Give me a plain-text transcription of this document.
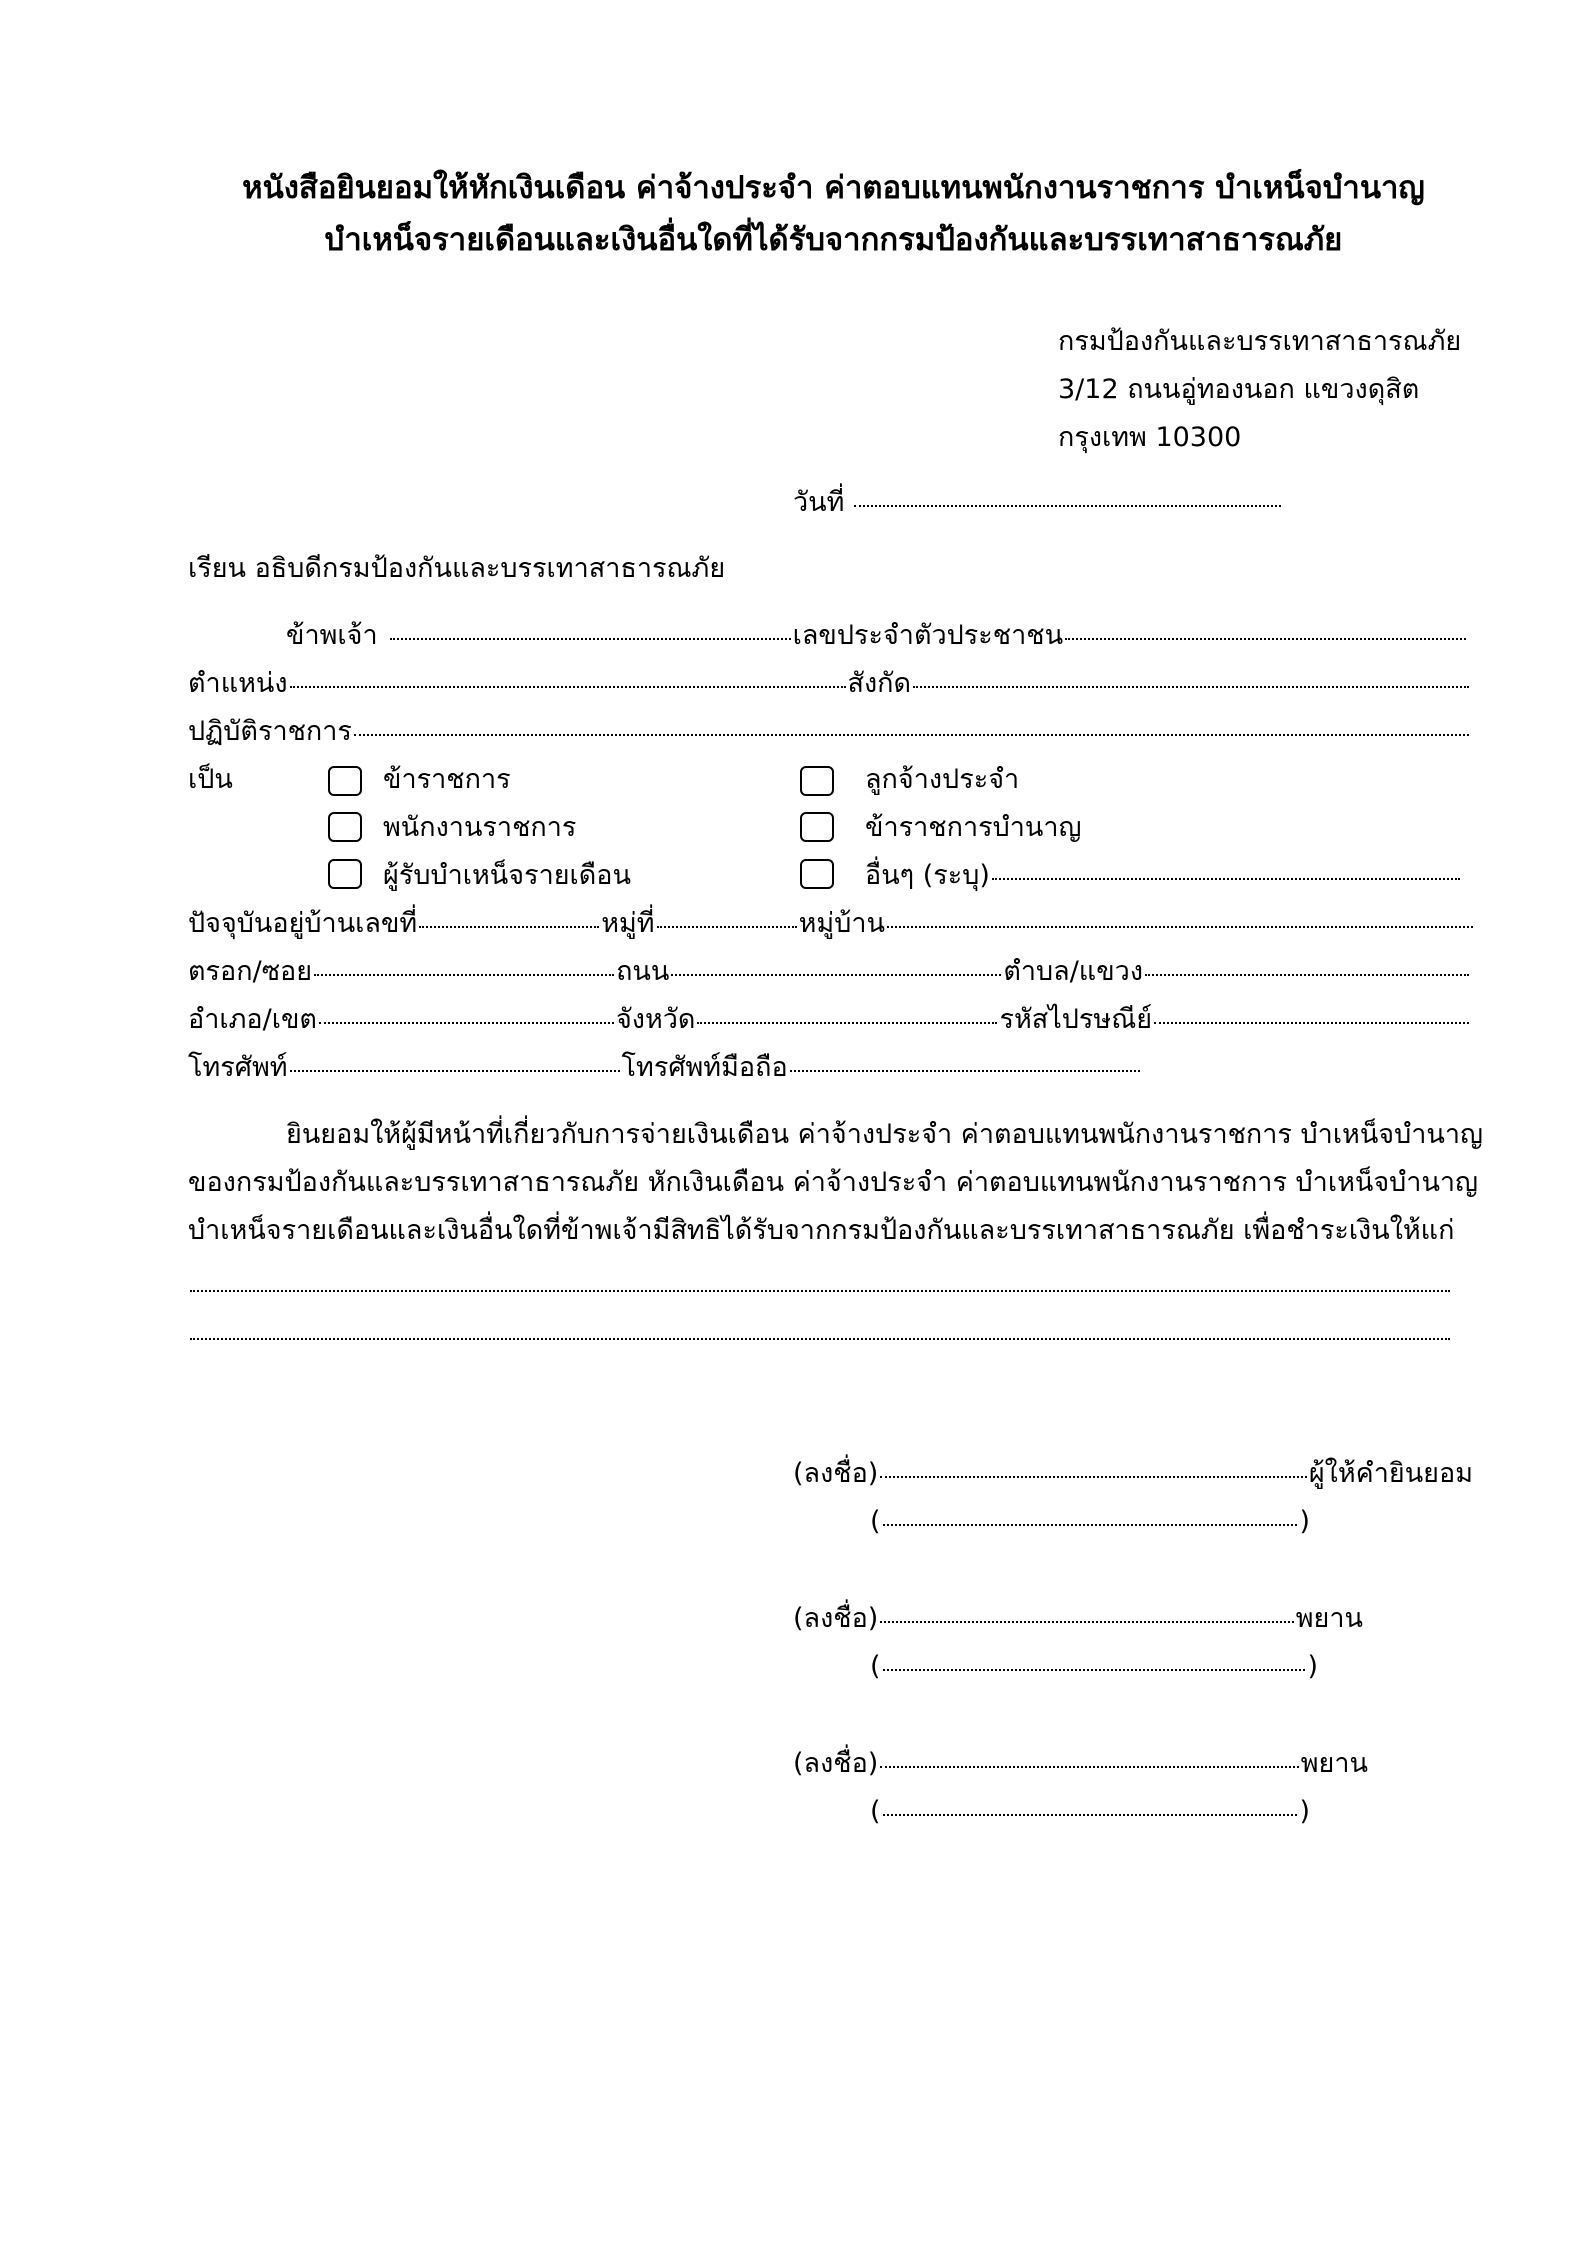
หนังสือยินยอมให้หักเงินเดือน ค่าจ้างประจำ ค่าตอบแทนพนักงานราชการ บำเหน็จบำนาญ
บำเหน็จรายเดือนและเงินอื่นใดที่ได้รับจากกรมป้องกันและบรรเทาสาธารณภัย
กรมป้องกันและบรรเทาสาธารณภัย
3/12 ถนนอู่ทองนอก แขวงดุสิต
กรุงเทพ 10300
วันที่
เรียน อธิบดีกรมป้องกันและบรรเทาสาธารณภัย
ข้าพเจ้า	เลขประจำตัวประชาชน
ตำแหน่ง	สังกัด
ปฏิบัติราชการ
เป็น	ข้าราชการ	ลูกจ้างประจำ
พนักงานราชการ	ข้าราชการบำนาญ
ผู้รับบำเหน็จรายเดือน	อื่นๆ (ระบุ)
ปัจจุบันอยู่บ้านเลขที่	หมู่ที่	หมู่บ้าน
ตรอก/ซอย	ถนน	ตำบล/แขวง
อำเภอ/เขต	จังหวัด	รหัสไปรษณีย์
โทรศัพท์	โทรศัพท์มือถือ
ยินยอมให้ผู้มีหน้าที่เกี่ยวกับการจ่ายเงินเดือน ค่าจ้างประจำ ค่าตอบแทนพนักงานราชการ บำเหน็จบำนาญ
ของกรมป้องกันและบรรเทาสาธารณภัย หักเงินเดือน ค่าจ้างประจำ ค่าตอบแทนพนักงานราชการ บำเหน็จบำนาญ
บำเหน็จรายเดือนและเงินอื่นใดที่ข้าพเจ้ามีสิทธิได้รับจากกรมป้องกันและบรรเทาสาธารณภัย เพื่อชำระเงินให้แก่
(ลงชื่อ)	ผู้ให้คำยินยอม
(	)
(ลงชื่อ)	พยาน
(	)
(ลงชื่อ)	พยาน
(	)
